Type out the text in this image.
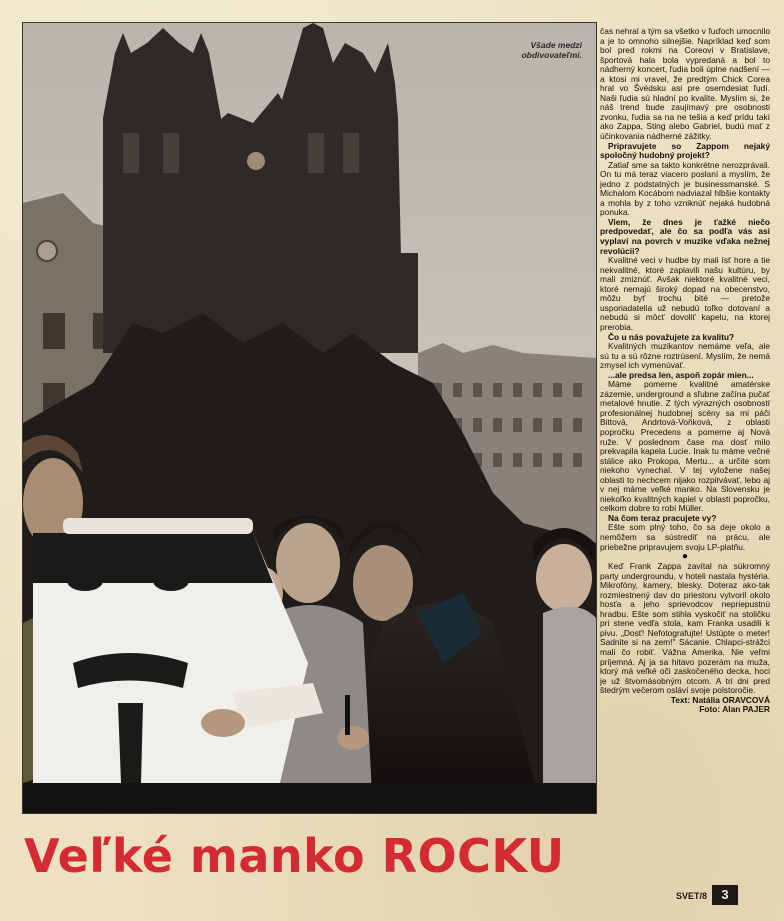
Všade medzi obdivovateľmi.

čas nehral a tým sa všetko v ľuďoch umocnilo a je to omnoho silnejšie. Napríklad keď som bol pred rokmi na Coreovi v Bratislave, športová hala bola vypredaná a bol to nádherný koncert, ľudia boli úplne nadšení — a ktosi mi vravel, že predtým Chick Corea hral vo Švédsku asi pre osemdesiat ľudí. Naši ľudia sú hladní po kvalite. Myslím si, že náš trend bude zaujímavý pre osobnosti zvonku, ľudia sa na ne tešia a keď prídu takí ako Zappa, Sting alebo Gabriel, budú mať z účinkovania nádherné zážitky.

Pripravujete so Zappom nejaký spoločný hudobný projekt?

Zatiaľ sme sa takto konkrétne nerozprávali. On tu má teraz viacero poslaní a myslím, že jedno z podstatných je businessmanské. S Michalom Kocábom nadviazal hlbšie kontakty a mohla by z toho vzniknúť nejaká hudobná ponuka.

Viem, že dnes je ťažké niečo predpovedať, ale čo sa podľa vás asi vyplaví na povrch v muzike vďaka nežnej revolúcii?

Kvalitné veci v hudbe by mali ísť hore a tie nekvalitné, ktoré zaplavili našu kultúru, by mali zmiznúť. Avšak niektoré kvalitné veci, ktoré nemajú široký dopad na obecenstvo, môžu byť trochu bité — pretože usporiadatelia už nebudú toľko dotovaní a nebudú si môcť dovoliť kapelu, na ktorej prerobia.

Čo u nás považujete za kvalitu?

Kvalitných muzikantov nemáme veľa, ale sú tu a sú rôzne roztrúsení. Myslím, že nemá zmysel ich vymenúvať.

...ale predsa len, aspoň zopár mien...

Máme pomerne kvalitné amatérske zázemie, underground a sľubne začína pučať metalové hnutie. Z tých výrazných osobností profesionálnej hudobnej scény sa mi páči Bittová, Andrtová-Voňková, z oblasti popročku Precedens a pomerne aj Nová ruže. V poslednom čase ma dosť milo prekvapila kapela Lucie. Inak tu máme večné stálice ako Prokopa, Mertu... a určite som niekoho vynechal. V tej vyložene našej oblasti to nechcem nijako rozpitvávať, lebo aj v nej máme veľké manko. Na Slovensku je niekoľko kvalitných kapiel v oblasti popročku, celkom dobre to robí Müller.

Na čom teraz pracujete vy?

Ešte som plný toho, čo sa deje okolo a nemôžem sa sústrediť na prácu, ale priebežne pripravujem svoju LP-platňu.

●

Keď Frank Zappa zavítal na súkromný party undergroundu, v hoteli nastala hystéria. Mikrofóny, kamery, blesky. Doteraz ako-tak rozmiestnený dav do priestoru vytvoril okolo hosťa a jeho sprievodcov nepriepustnú hradbu. Ešte som stihla vyskočiť na stoličku pri stene vedľa stola, kam Franka usadili k pivu. „Dosť! Nefotografujte! Ustúpte o meter! Sadnite si na zem!" Sácanie. Chlapci-strážci mali čo robiť. Vážna Amerika. Nie veľmi príjemná. Aj ja sa hitavo pozerám na muža, ktorý má veľké oči zaskočeného decka, hoci je už štvornásobným otcom. A tri dni pred štedrým večerom osláví svoje polstoročie.

Text: Natália ORAVCOVÁ

Foto: Alan PAJER

Veľké manko ROCKU
SVET/8	3
